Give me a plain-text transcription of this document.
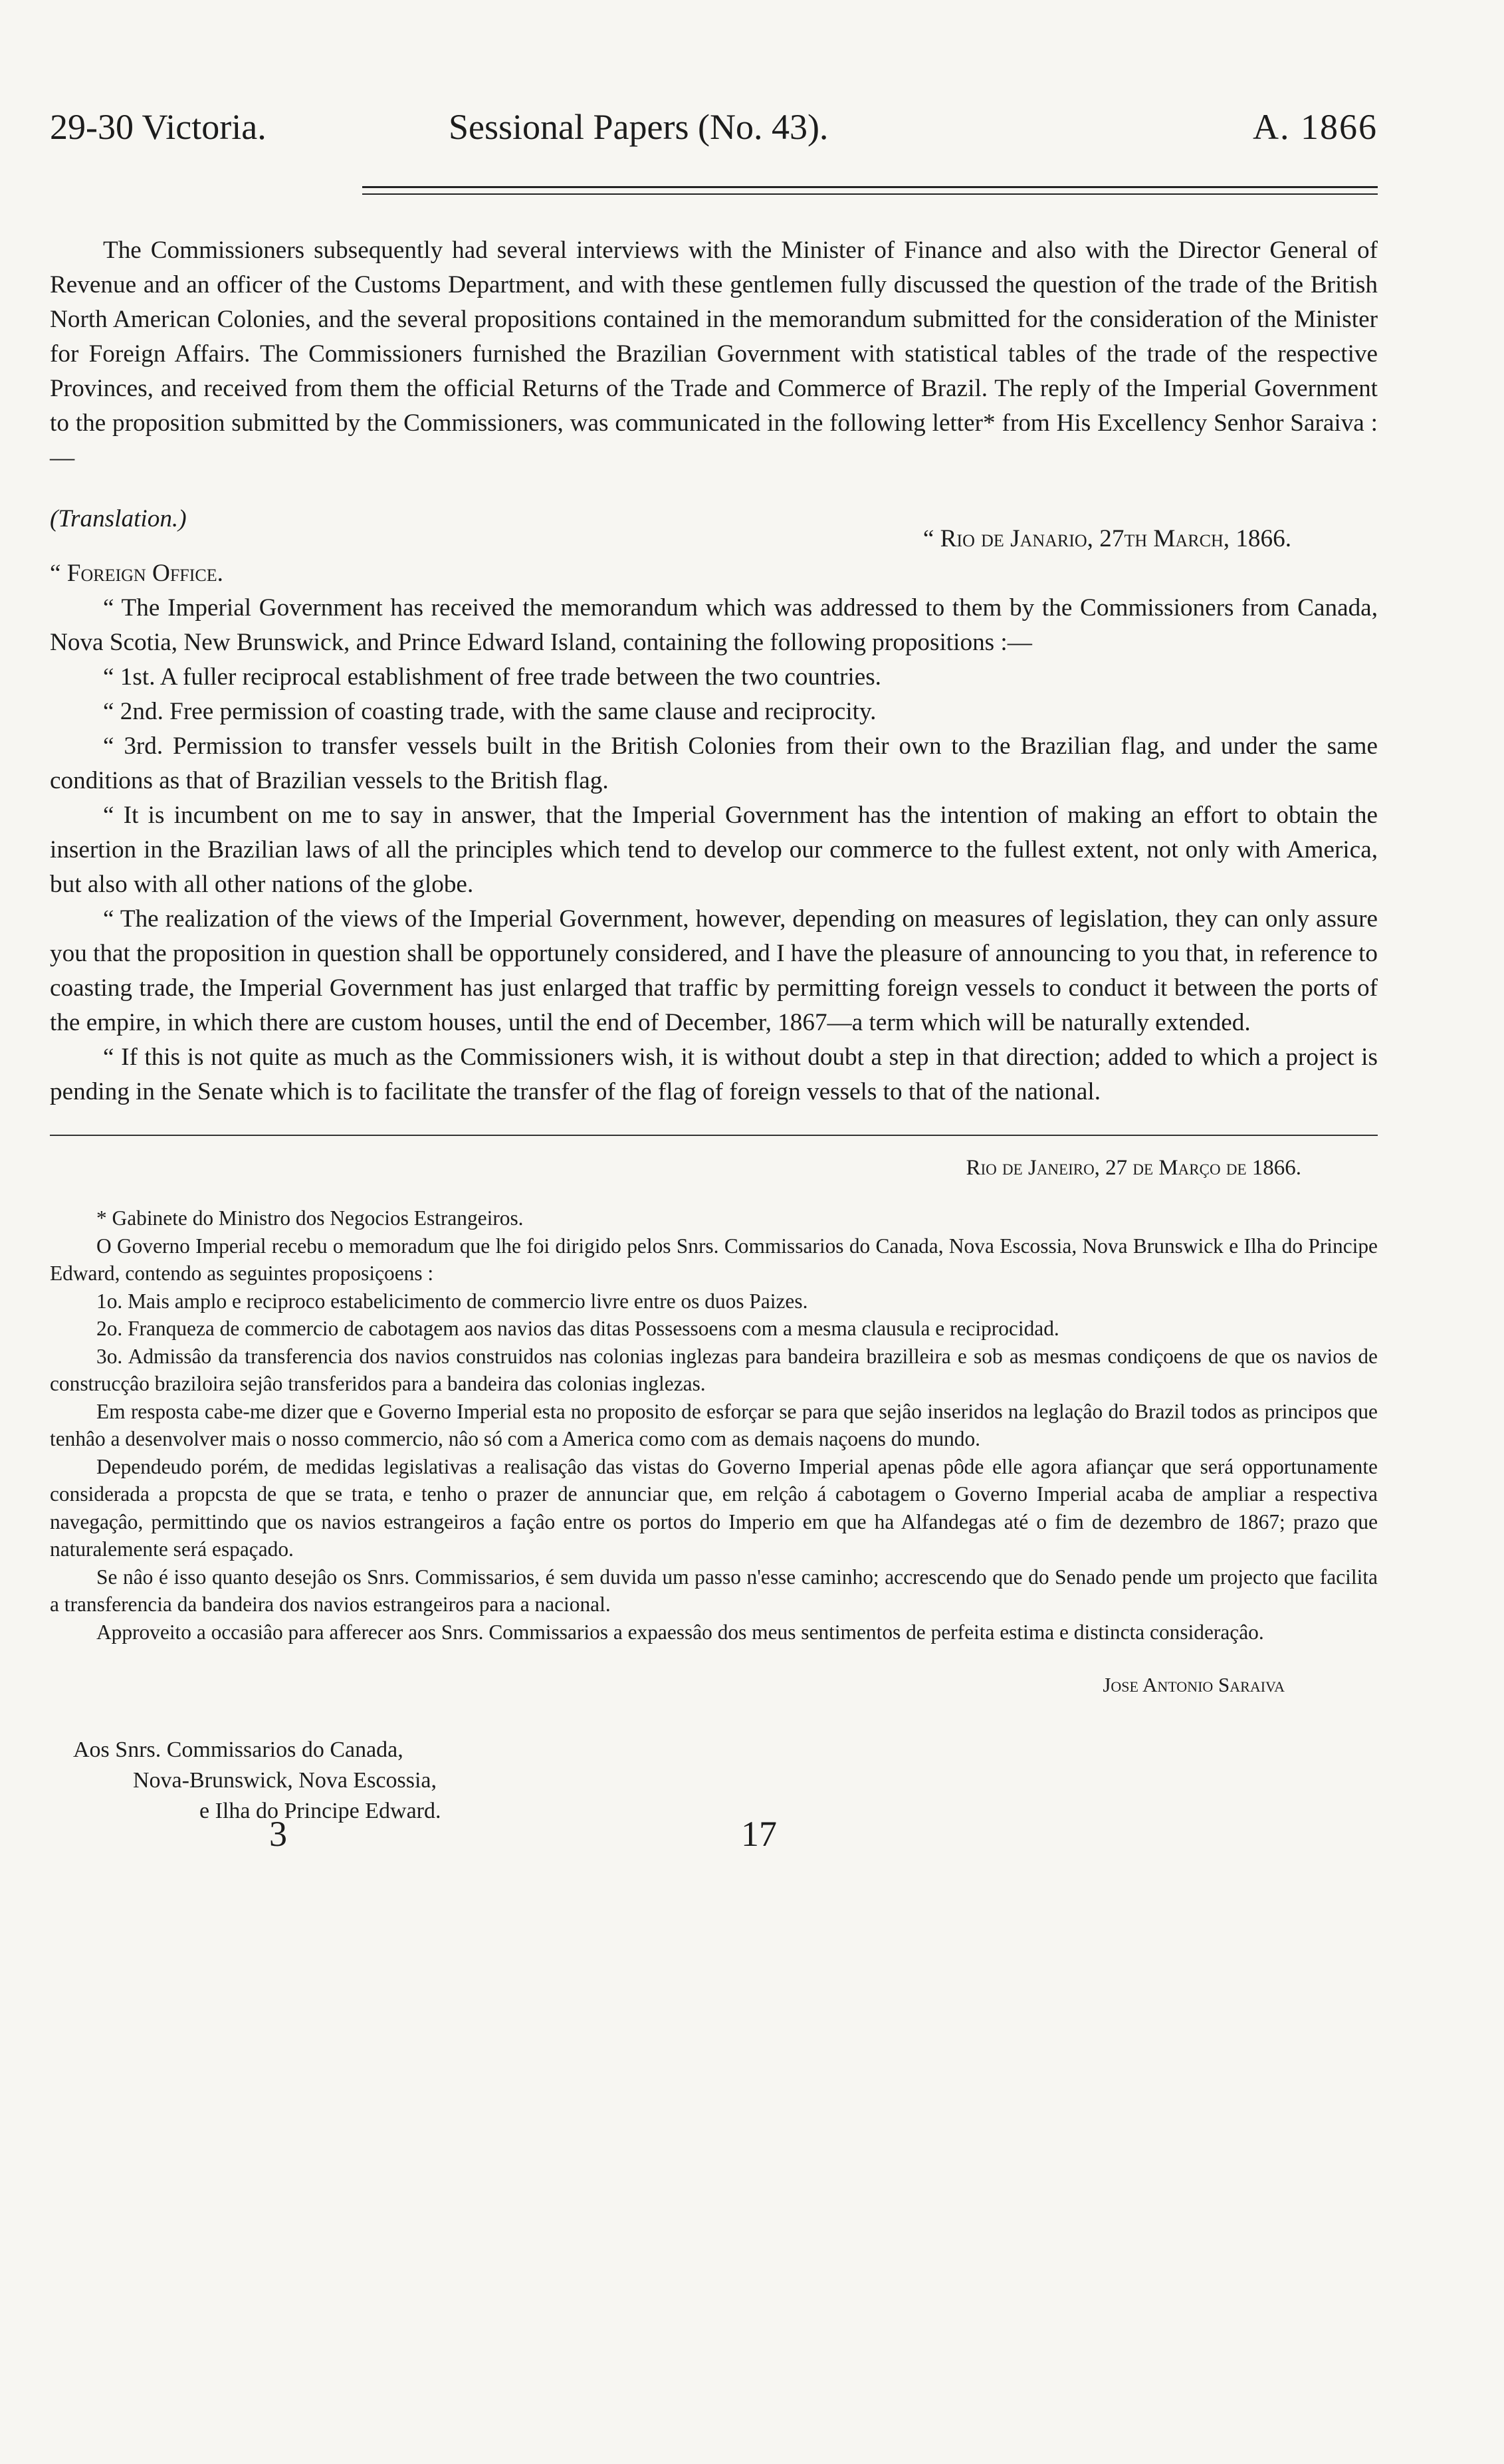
29-30 Victoria.	Sessional Papers (No. 43).	A. 1866

The Commissioners subsequently had several interviews with the Minister of Finance and also with the Director General of Revenue and an officer of the Customs Department, and with these gentlemen fully discussed the question of the trade of the British North American Colonies, and the several propositions contained in the memorandum submitted for the consideration of the Minister for Foreign Affairs. The Commissioners furnished the Brazilian Government with statistical tables of the trade of the respective Provinces, and received from them the official Returns of the Trade and Commerce of Brazil. The reply of the Imperial Government to the proposition submitted by the Commissioners, was communicated in the following letter* from His Excellency Senhor Saraiva :—

(Translation.)
“ Rio de Janario, 27th March, 1866.

“ Foreign Office.

“ The Imperial Government has received the memorandum which was addressed to them by the Commissioners from Canada, Nova Scotia, New Brunswick, and Prince Edward Island, containing the following propositions :—

“ 1st. A fuller reciprocal establishment of free trade between the two countries.

“ 2nd. Free permission of coasting trade, with the same clause and reciprocity.

“ 3rd. Permission to transfer vessels built in the British Colonies from their own to the Brazilian flag, and under the same conditions as that of Brazilian vessels to the British flag.

“ It is incumbent on me to say in answer, that the Imperial Government has the intention of making an effort to obtain the insertion in the Brazilian laws of all the principles which tend to develop our commerce to the fullest extent, not only with America, but also with all other nations of the globe.

“ The realization of the views of the Imperial Government, however, depending on measures of legislation, they can only assure you that the proposition in question shall be opportunely considered, and I have the pleasure of announcing to you that, in reference to coasting trade, the Imperial Government has just enlarged that traffic by permitting foreign vessels to conduct it between the ports of the empire, in which there are custom houses, until the end of December, 1867—a term which will be naturally extended.

“ If this is not quite as much as the Commissioners wish, it is without doubt a step in that direction; added to which a project is pending in the Senate which is to facilitate the transfer of the flag of foreign vessels to that of the national.

Rio de Janeiro, 27 de Março de 1866.

* Gabinete do Ministro dos Negocios Estrangeiros.

O Governo Imperial recebu o memoradum que lhe foi dirigido pelos Snrs. Commissarios do Canada, Nova Escossia, Nova Brunswick e Ilha do Principe Edward, contendo as seguintes proposiçoens :

1o. Mais amplo e reciproco estabelicimento de commercio livre entre os duos Paizes.

2o. Franqueza de commercio de cabotagem aos navios das ditas Possessoens com a mesma clausula e reciprocidad.

3o. Admissâo da transferencia dos navios construidos nas colonias inglezas para bandeira brazilleira e sob as mesmas condiçoens de que os navios de construcçâo braziloira sejâo transferidos para a bandeira das colonias inglezas.

Em resposta cabe-me dizer que e Governo Imperial esta no proposito de esforçar se para que sejâo inseridos na leglaçâo do Brazil todos as principos que tenhâo a desenvolver mais o nosso commercio, nâo só com a America como com as demais naçoens do mundo.

Dependeudo porém, de medidas legislativas a realisaçâo das vistas do Governo Imperial apenas pôde elle agora afiançar que será opportunamente considerada a propcsta de que se trata, e tenho o prazer de annunciar que, em relçâo á cabotagem o Governo Imperial acaba de ampliar a respectiva navegaçâo, permittindo que os navios estrangeiros a façâo entre os portos do Imperio em que ha Alfandegas até o fim de dezembro de 1867; prazo que naturalemente será espaçado.

Se nâo é isso quanto desejâo os Snrs. Commissarios, é sem duvida um passo n'esse caminho; accrescendo que do Senado pende um projecto que facilita a transferencia da bandeira dos navios estrangeiros para a nacional.

Approveito a occasiâo para afferecer aos Snrs. Commissarios a expaessâo dos meus sentimentos de perfeita estima e distincta consideraçâo.

Jose Antonio Saraiva
Aos Snrs. Commissarios do Canada,
Nova-Brunswick, Nova Escossia,
e Ilha do Principe Edward.
3	17
